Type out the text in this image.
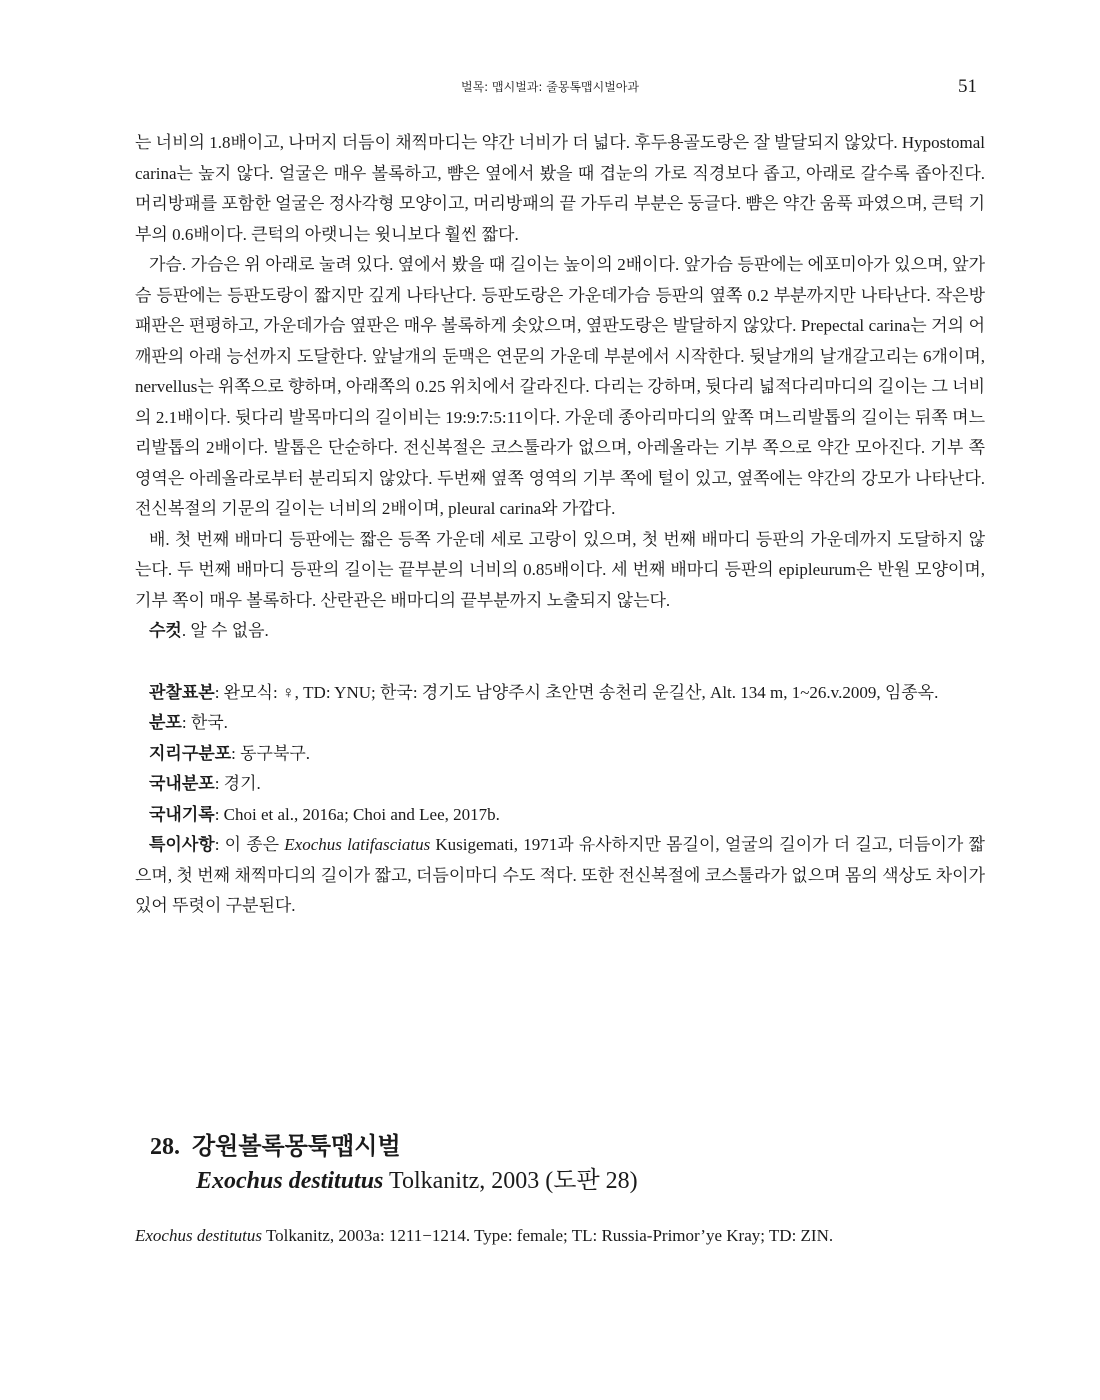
벌목: 맵시벌과: 줄몽톡맵시벌아과	51

는 너비의 1.8배이고, 나머지 더듬이 채찍마디는 약간 너비가 더 넓다. 후두용골도랑은 잘 발달되지 않았다. Hypostomal carina는 높지 않다. 얼굴은 매우 볼록하고, 뺨은 옆에서 봤을 때 겹눈의 가로 직경보다 좁고, 아래로 갈수록 좁아진다. 머리방패를 포함한 얼굴은 정사각형 모양이고, 머리방패의 끝 가두리 부분은 둥글다. 뺨은 약간 움푹 파였으며, 큰턱 기부의 0.6배이다. 큰턱의 아랫니는 윗니보다 훨씬 짧다.

가슴. 가슴은 위 아래로 눌려 있다. 옆에서 봤을 때 길이는 높이의 2배이다. 앞가슴 등판에는 에포미아가 있으며, 앞가슴 등판에는 등판도랑이 짧지만 깊게 나타난다. 등판도랑은 가운데가슴 등판의 옆쪽 0.2 부분까지만 나타난다. 작은방패판은 편평하고, 가운데가슴 옆판은 매우 볼록하게 솟았으며, 옆판도랑은 발달하지 않았다. Prepectal carina는 거의 어깨판의 아래 능선까지 도달한다. 앞날개의 둔맥은 연문의 가운데 부분에서 시작한다. 뒷날개의 날개갈고리는 6개이며, nervellus는 위쪽으로 향하며, 아래쪽의 0.25 위치에서 갈라진다. 다리는 강하며, 뒷다리 넓적다리마디의 길이는 그 너비의 2.1배이다. 뒷다리 발목마디의 길이비는 19:9:7:5:11이다. 가운데 종아리마디의 앞쪽 며느리발톱의 길이는 뒤쪽 며느리발톱의 2배이다. 발톱은 단순하다. 전신복절은 코스툴라가 없으며, 아레올라는 기부 쪽으로 약간 모아진다. 기부 쪽 영역은 아레올라로부터 분리되지 않았다. 두번째 옆쪽 영역의 기부 쪽에 털이 있고, 옆쪽에는 약간의 강모가 나타난다. 전신복절의 기문의 길이는 너비의 2배이며, pleural carina와 가깝다.

배. 첫 번째 배마디 등판에는 짧은 등쪽 가운데 세로 고랑이 있으며, 첫 번째 배마디 등판의 가운데까지 도달하지 않는다. 두 번째 배마디 등판의 길이는 끝부분의 너비의 0.85배이다. 세 번째 배마디 등판의 epipleurum은 반원 모양이며, 기부 쪽이 매우 볼록하다. 산란관은 배마디의 끝부분까지 노출되지 않는다.

수컷. 알 수 없음.

관찰표본: 완모식: ♀, TD: YNU; 한국: 경기도 남양주시 초안면 송천리 운길산, Alt. 134 m, 1~26.v.2009, 임종옥.

분포: 한국.

지리구분포: 동구북구.

국내분포: 경기.

국내기록: Choi et al., 2016a; Choi and Lee, 2017b.

특이사항: 이 종은 Exochus latifasciatus Kusigemati, 1971과 유사하지만 몸길이, 얼굴의 길이가 더 길고, 더듬이가 짧으며, 첫 번째 채찍마디의 길이가 짧고, 더듬이마디 수도 적다. 또한 전신복절에 코스툴라가 없으며 몸의 색상도 차이가 있어 뚜렷이 구분된다.

28. 강원볼록몽툭맵시벌
Exochus destitutus Tolkanitz, 2003 (도판 28)
Exochus destitutus Tolkanitz, 2003a: 1211−1214. Type: female; TL: Russia-Primor’ye Kray; TD: ZIN.
